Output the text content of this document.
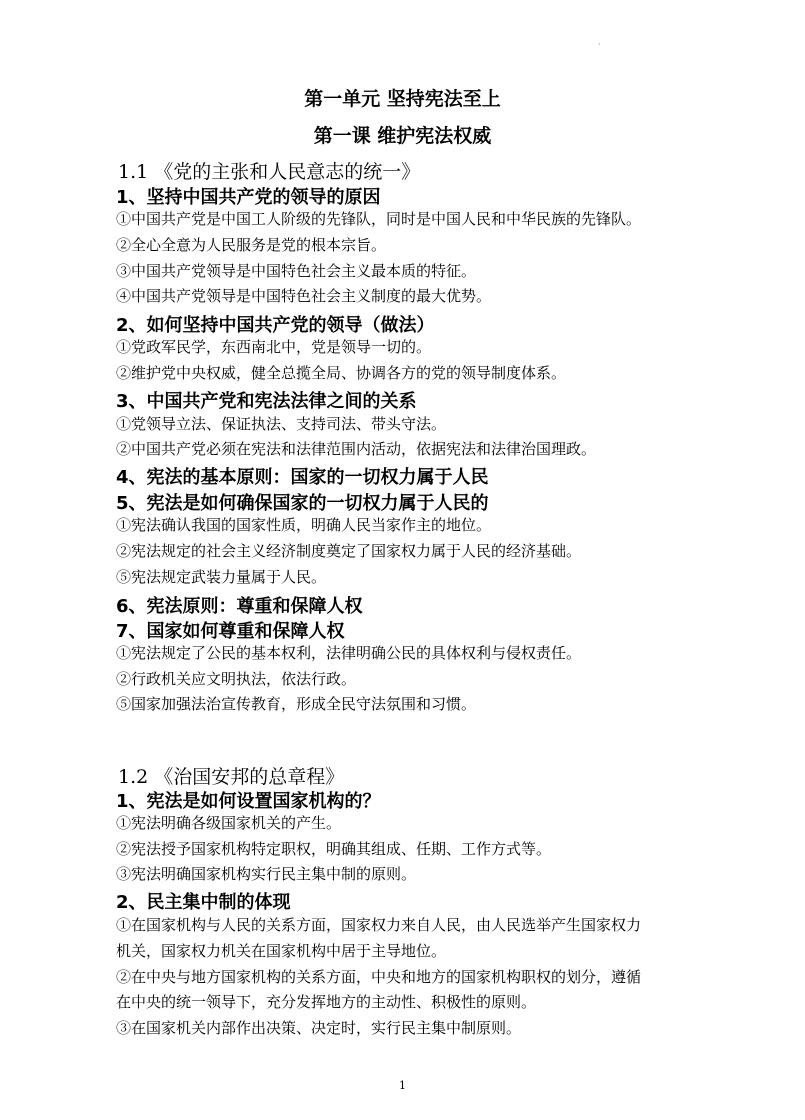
·
第一单元 坚持宪法至上
第一课 维护宪法权威
1.1 《党的主张和人民意志的统一》
1、坚持中国共产党的领导的原因
①中国共产党是中国工人阶级的先锋队，同时是中国人民和中华民族的先锋队。
②全心全意为人民服务是党的根本宗旨。
③中国共产党领导是中国特色社会主义最本质的特征。
④中国共产党领导是中国特色社会主义制度的最大优势。
2、如何坚持中国共产党的领导（做法）
①党政军民学，东西南北中，党是领导一切的。
②维护党中央权威，健全总揽全局、协调各方的党的领导制度体系。
3、中国共产党和宪法法律之间的关系
①党领导立法、保证执法、支持司法、带头守法。
②中国共产党必须在宪法和法律范围内活动，依据宪法和法律治国理政。
4、宪法的基本原则：国家的一切权力属于人民
5、宪法是如何确保国家的一切权力属于人民的
①宪法确认我国的国家性质，明确人民当家作主的地位。
②宪法规定的社会主义经济制度奠定了国家权力属于人民的经济基础。
⑤宪法规定武装力量属于人民。
6、宪法原则：尊重和保障人权
7、国家如何尊重和保障人权
①宪法规定了公民的基本权利，法律明确公民的具体权利与侵权责任。
②行政机关应文明执法，依法行政。
⑤国家加强法治宣传教育，形成全民守法氛围和习惯。
1.2 《治国安邦的总章程》
1、宪法是如何设置国家机构的？
①宪法明确各级国家机关的产生。
②宪法授予国家机构特定职权，明确其组成、任期、工作方式等。
③宪法明确国家机构实行民主集中制的原则。
2、民主集中制的体现
①在国家机构与人民的关系方面，国家权力来自人民，由人民选举产生国家权力
机关，国家权力机关在国家机构中居于主导地位。
②在中央与地方国家机构的关系方面，中央和地方的国家机构职权的划分，遵循
在中央的统一领导下，充分发挥地方的主动性、积极性的原则。
③在国家机关内部作出决策、决定时，实行民主集中制原则。
1
